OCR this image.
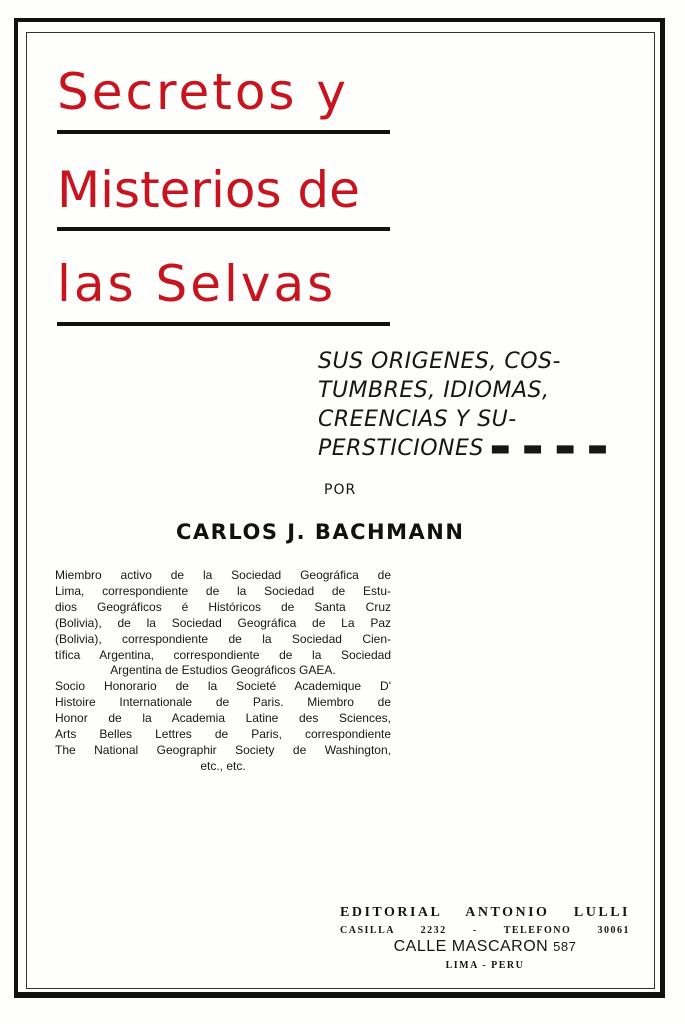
Secretos y
Misterios de
las Selvas
SUS ORIGENES, COS-
TUMBRES, IDIOMAS,
CREENCIAS Y SU-
PERSTICIONES ▬ ▬ ▬ ▬
POR
CARLOS J. BACHMANN
Miembro activo de la Sociedad Geográfica de
Lima, correspondiente de la Sociedad de Estu-
dios Geográficos é Históricos de Santa Cruz
(Bolivia), de la Sociedad Geográfica de La Paz
(Bolivia), correspondiente de la Sociedad Cien-
tífica Argentina, correspondiente de la Sociedad
Argentina de Estudios Geográficos GAEA.
Socio Honorario de la Societé Academique D'
Histoire Internationale de Paris. Miembro de
Honor de la Academia Latine des Sciences,
Arts Belles Lettres de Paris, correspondiente
The National Geographir Society de Washington,
etc., etc.
EDITORIAL ANTONIO LULLI
CASILLA 2232 - TELEFONO 30061
CALLE MASCARON 587
LIMA - PERU
